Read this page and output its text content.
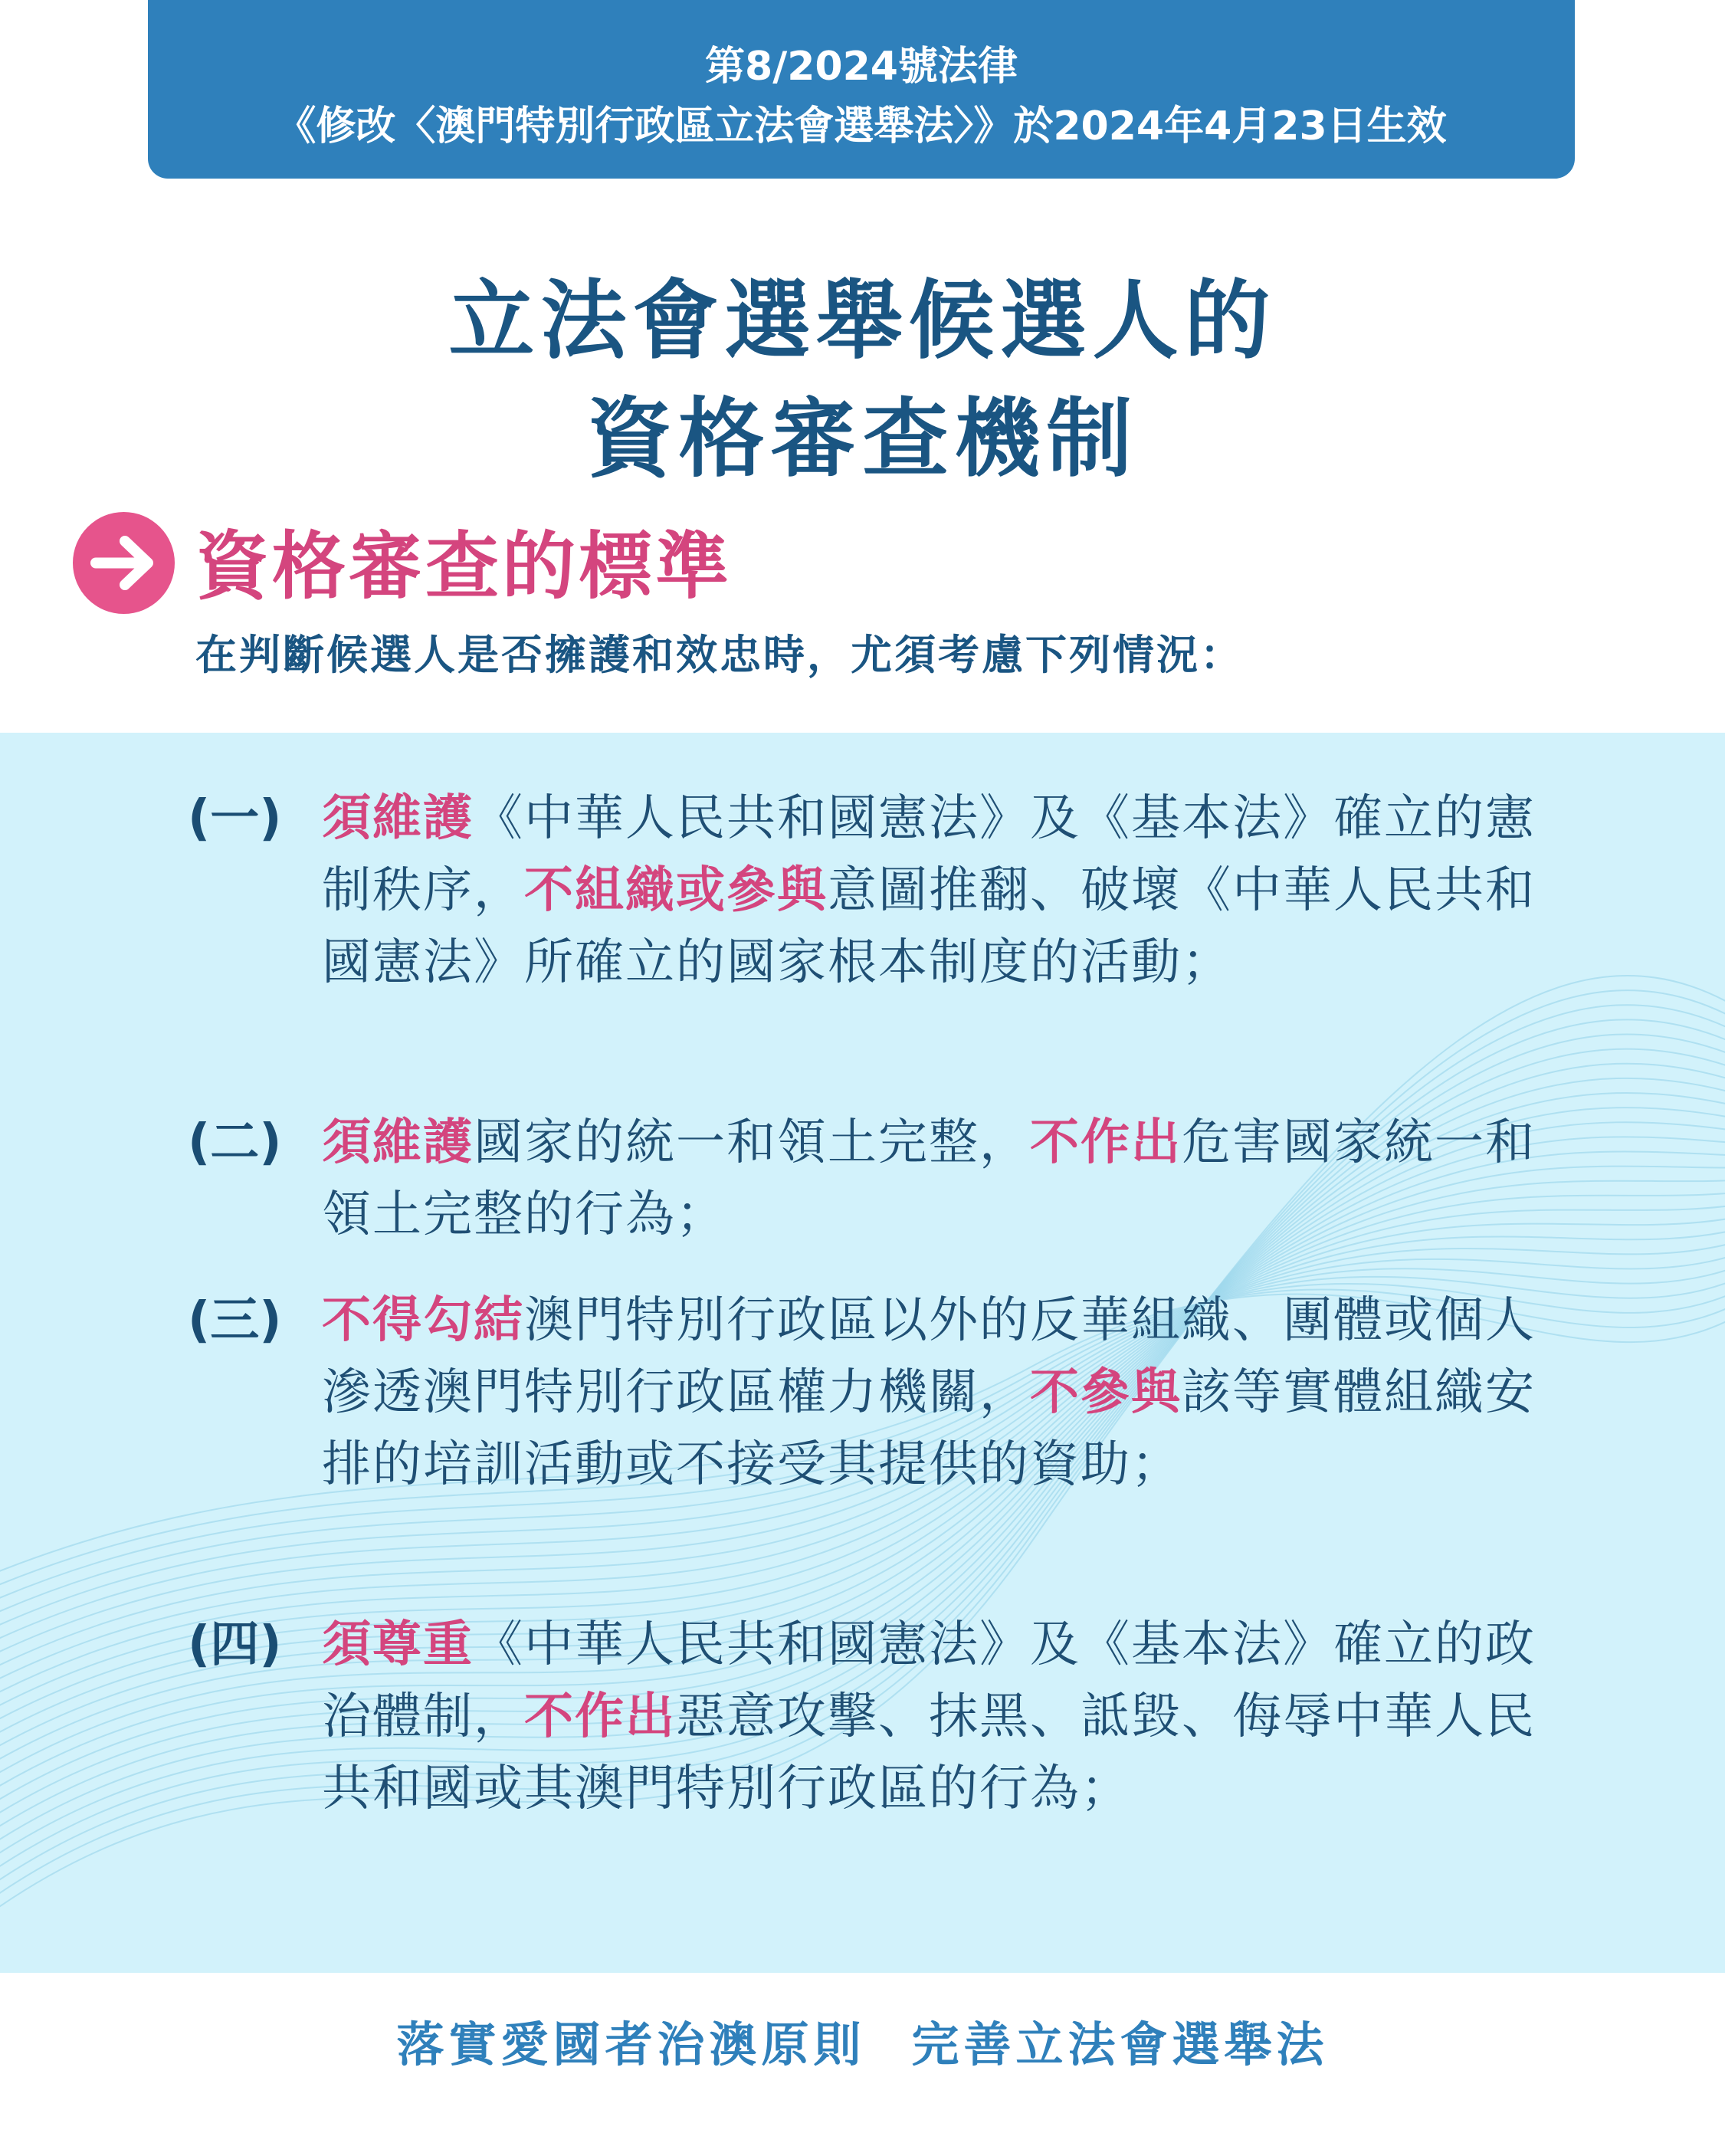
第8/2024號法律
《修改〈澳門特別行政區立法會選舉法〉》於2024年4月23日生效
立法會選舉候選人的
資格審查機制
資格審查的標準
在判斷候選人是否擁護和效忠時，尤須考慮下列情況：
(一) 須維護《中華人民共和國憲法》及《基本法》確立的憲制秩序，不組織或參與意圖推翻、破壞《中華人民共和國憲法》所確立的國家根本制度的活動；
(二) 須維護國家的統一和領土完整，不作出危害國家統一和領土完整的行為；
(三) 不得勾結澳門特別行政區以外的反華組織、團體或個人滲透澳門特別行政區權力機關，不參與該等實體組織安排的培訓活動或不接受其提供的資助；
(四) 須尊重《中華人民共和國憲法》及《基本法》確立的政治體制，不作出惡意攻擊、抹黑、詆毀、侮辱中華人民共和國或其澳門特別行政區的行為；
落實愛國者治澳原則 完善立法會選舉法
